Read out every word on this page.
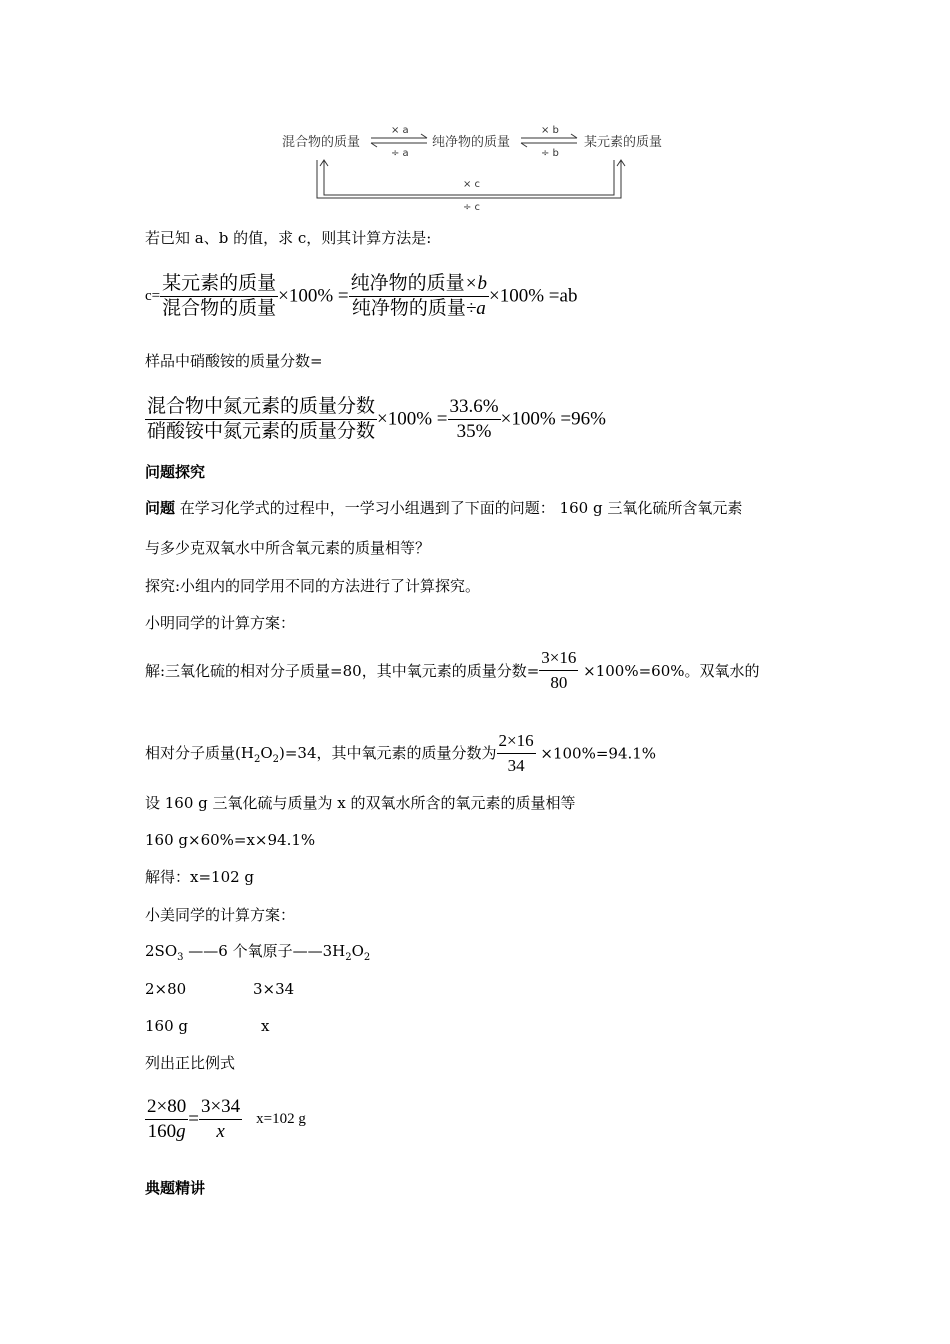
混合物的质量	纯净物的质量	某元素的质量
× a
÷ a
× b
÷ b
× c
÷ c
若已知 a、b 的值，求 c，则其计算方法是:
$c= \frac{\text{某元素的质量}}{\text{混合物的质量}} \times 100\% = \frac{\text{纯净物的质量×b}}{\text{纯净物的质量÷a}} \times 100\% =ab$
样品中硝酸铵的质量分数=
$\frac{\text{混合物中氮元素的质量分数}}{\text{硝酸铵中氮元素的质量分数}} \times 100\% = \frac{33.6\%}{35\%} \times 100\% =96\%$
问题探究
问题 在学习化学式的过程中，一学习小组遇到了下面的问题： 160 g 三氧化硫所含氧元素
与多少克双氧水中所含氧元素的质量相等？
探究:小组内的同学用不同的方法进行了计算探究。
小明同学的计算方案：
解:三氧化硫的相对分子质量=80，其中氧元素的质量分数= $\frac{3\times 16}{80} \times 100\%=60\%$。双氧水的
相对分子质量$(H_2O_2)=34$，其中氧元素的质量分数为 $\frac{2\times 16}{34} \times 100\%=94.1\%$
设 160 g 三氧化硫与质量为 x 的双氧水所含的氧元素的质量相等
160 g×60%=x×94.1%
解得：x=102 g
小美同学的计算方案：
$2SO_3$ ——6 个氧原子$——3H_2O_2$
2×80	3×34
160 g	x
列出正比例式
$\frac{2\times 80}{160g} = \frac{3\times 34}{x} x=102$ g
典题精讲
